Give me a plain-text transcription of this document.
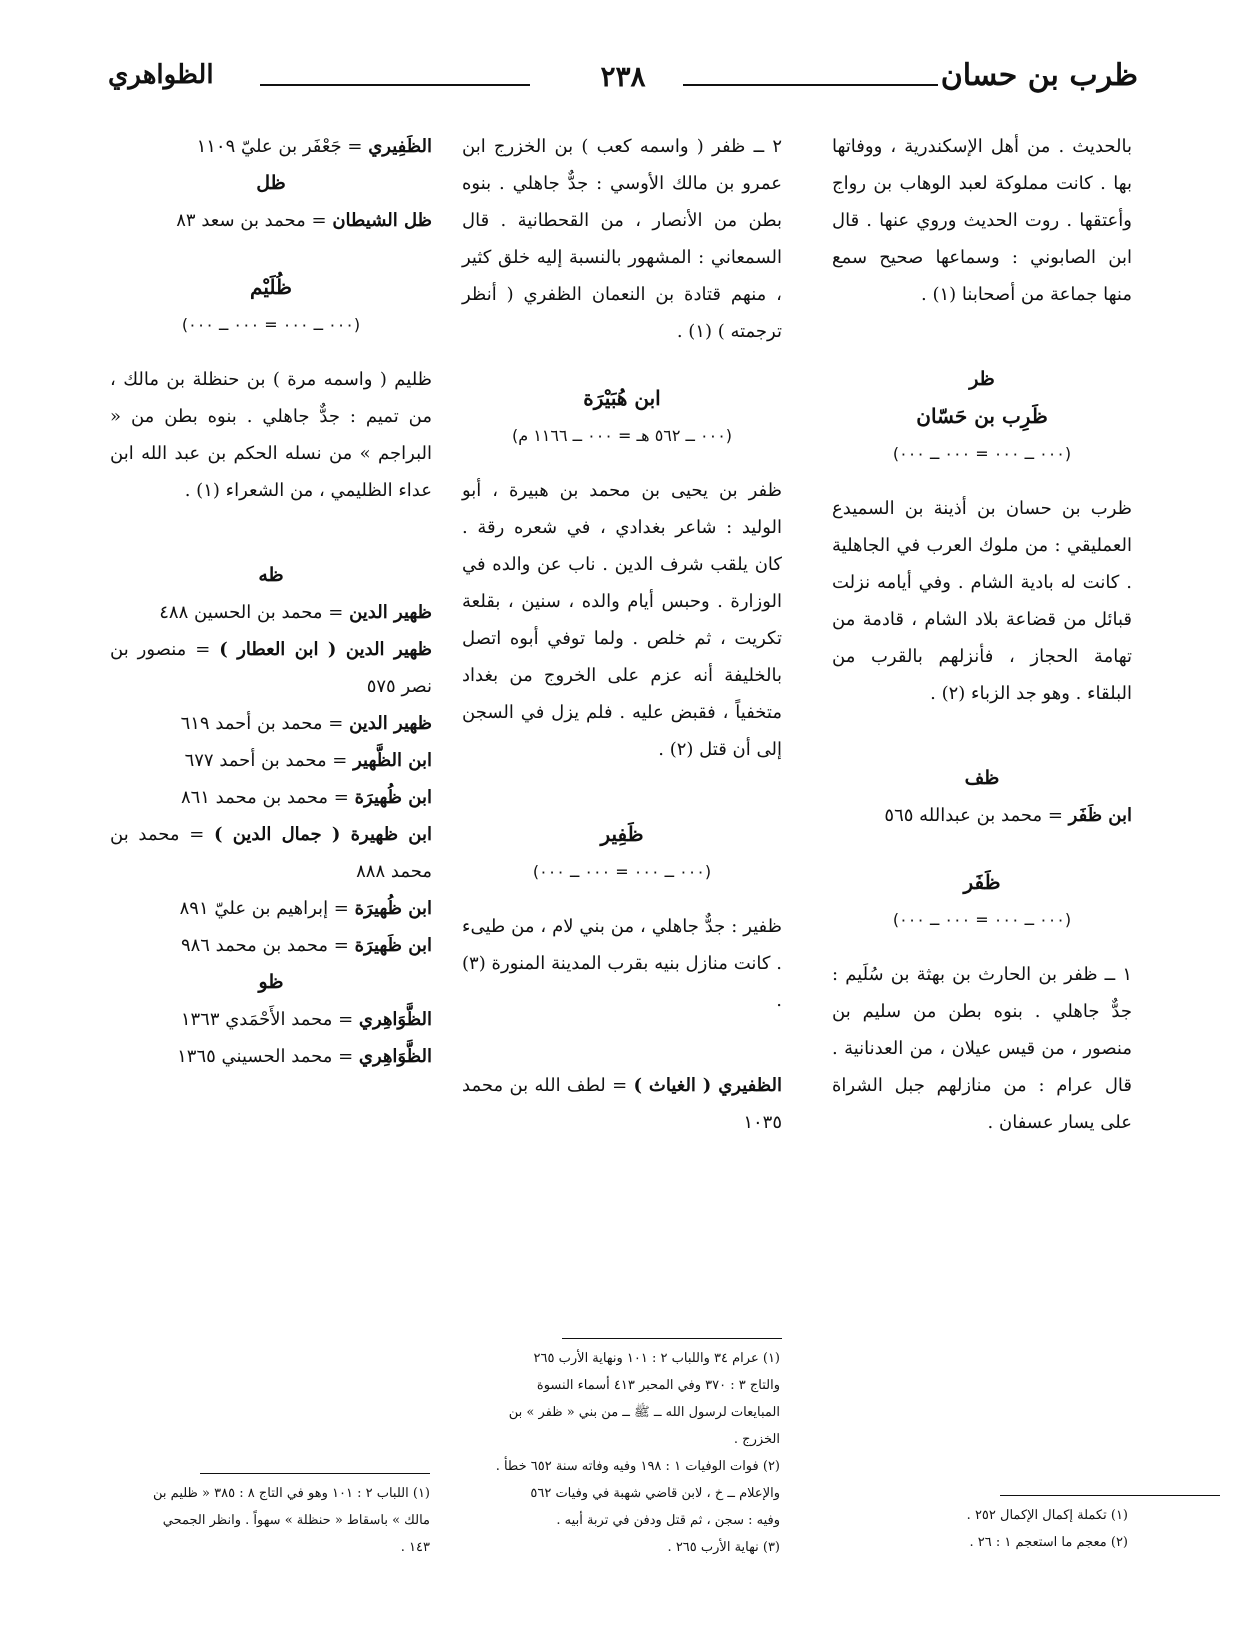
ظرب بن حسان
٢٣٨
الظواهري

بالحديث . من أهل الإسكندرية ، ووفاتها بها . كانت مملوكة لعبد الوهاب بن رواج وأعتقها . روت الحديث وروي عنها . قال ابن الصابوني : وسماعها صحيح سمع منها جماعة من أصحابنا (١) .

ظر

ظَرِب بن حَسّان

(٠٠٠ ــ ٠٠٠ = ٠٠٠ ــ ٠٠٠)

ظرب بن حسان بن أذينة بن السميدع العمليقي : من ملوك العرب في الجاهلية . كانت له بادية الشام . وفي أيامه نزلت قبائل من قضاعة بلاد الشام ، قادمة من تهامة الحجاز ، فأنزلهم بالقرب من البلقاء . وهو جد الزباء (٢) .

ظف

ابن ظَفَر = محمد بن عبدالله ٥٦٥

ظَفَر

(٠٠٠ ــ ٠٠٠ = ٠٠٠ ــ ٠٠٠)

١ ــ ظفر بن الحارث بن بهثة بن سُلَيم : جدٌّ جاهلي . بنوه بطن من سليم بن منصور ، من قيس عيلان ، من العدنانية . قال عرام : من منازلهم جبل الشراة على يسار عسفان .

٢ ــ ظفر ( واسمه كعب ) بن الخزرج ابن عمرو بن مالك الأوسي : جدٌّ جاهلي . بنوه بطن من الأنصار ، من القحطانية . قال السمعاني : المشهور بالنسبة إليه خلق كثير ، منهم قتادة بن النعمان الظفري ( أنظر ترجمته ) (١) .

ابن هُبَيْرَة

(٠٠٠ ــ ٥٦٢ هـ = ٠٠٠ ــ ١١٦٦ م)

ظفر بن يحيى بن محمد بن هبيرة ، أبو الوليد : شاعر بغدادي ، في شعره رقة . كان يلقب شرف الدين . ناب عن والده في الوزارة . وحبس أيام والده ، سنين ، بقلعة تكريت ، ثم خلص . ولما توفي أبوه اتصل بالخليفة أنه عزم على الخروج من بغداد متخفياً ، فقبض عليه . فلم يزل في السجن إلى أن قتل (٢) .

ظَفِير

(٠٠٠ ــ ٠٠٠ = ٠٠٠ ــ ٠٠٠)

ظفير : جدٌّ جاهلي ، من بني لام ، من طيىء . كانت منازل بنيه بقرب المدينة المنورة (٣) .

الظفيري ( الغياث ) = لطف الله بن محمد ١٠٣٥

الظَفِيري = جَعْفَر بن عليّ ١١٠٩

ظل

ظل الشيطان = محمد بن سعد ٨٣

ظُلَيْم

(٠٠٠ ــ ٠٠٠ = ٠٠٠ ــ ٠٠٠)

ظليم ( واسمه مرة ) بن حنظلة بن مالك ، من تميم : جدٌّ جاهلي . بنوه بطن من « البراجم » من نسله الحكم بن عبد الله ابن عداء الظليمي ، من الشعراء (١) .

ظه

ظهير الدين = محمد بن الحسين ٤٨٨

ظهير الدين ( ابن العطار ) = منصور بن نصر ٥٧٥

ظهير الدين = محمد بن أحمد ٦١٩

ابن الظَّهير = محمد بن أحمد ٦٧٧

ابن ظُهيرَة = محمد بن محمد ٨٦١

ابن ظهيرة ( جمال الدين ) = محمد بن محمد ٨٨٨

ابن ظُهيرَة = إبراهيم بن عليّ ٨٩١

ابن ظَهيرَة = محمد بن محمد ٩٨٦

ظو

الظَّوَاهِري = محمد الأَحْمَدي ١٣٦٣

الظَّوَاهِري = محمد الحسيني ١٣٦٥

(١) تكملة إكمال الإكمال ٢٥٢ .

(٢) معجم ما استعجم ١ : ٢٦ .

(١) عرام ٣٤ واللباب ٢ : ١٠١ ونهاية الأرب ٢٦٥

والتاج ٣ : ٣٧٠ وفي المحبر ٤١٣ أسماء النسوة

المبايعات لرسول الله ــ ﷺ ــ من بني « ظفر » بن

الخزرج .

(٢) فوات الوفيات ١ : ١٩٨ وفيه وفاته سنة ٦٥٢ خطأ .

والإعلام ــ خ ، لابن قاضي شهبة في وفيات ٥٦٢

وفيه : سجن ، ثم قتل ودفن في تربة أبيه .

(٣) نهاية الأرب ٢٦٥ .

(١) اللباب ٢ : ١٠١ وهو في التاج ٨ : ٣٨٥ « ظليم بن

مالك » باسقاط « حنظلة » سهواً . وانظر الجمحي

١٤٣ .
